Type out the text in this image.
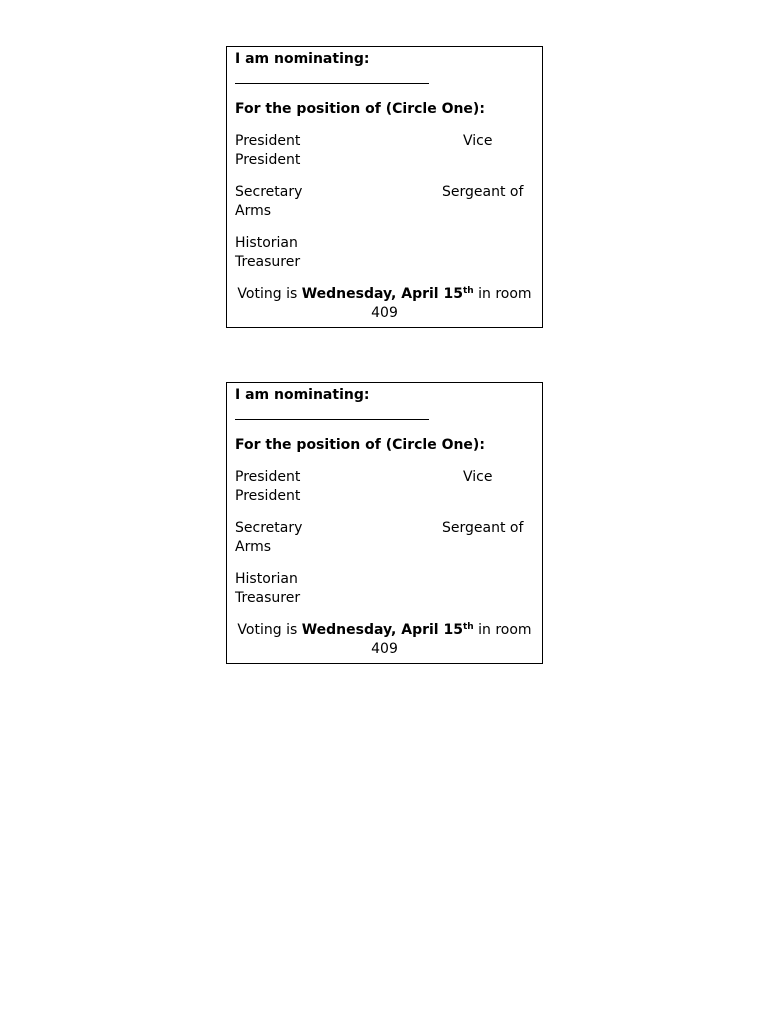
I am nominating:
For the position of (Circle One):
President	Vice
President
Secretary	Sergeant of
Arms
Historian
Treasurer
Voting is Wednesday, April 15th in room
409
I am nominating:
For the position of (Circle One):
President	Vice
President
Secretary	Sergeant of
Arms
Historian
Treasurer
Voting is Wednesday, April 15th in room
409
